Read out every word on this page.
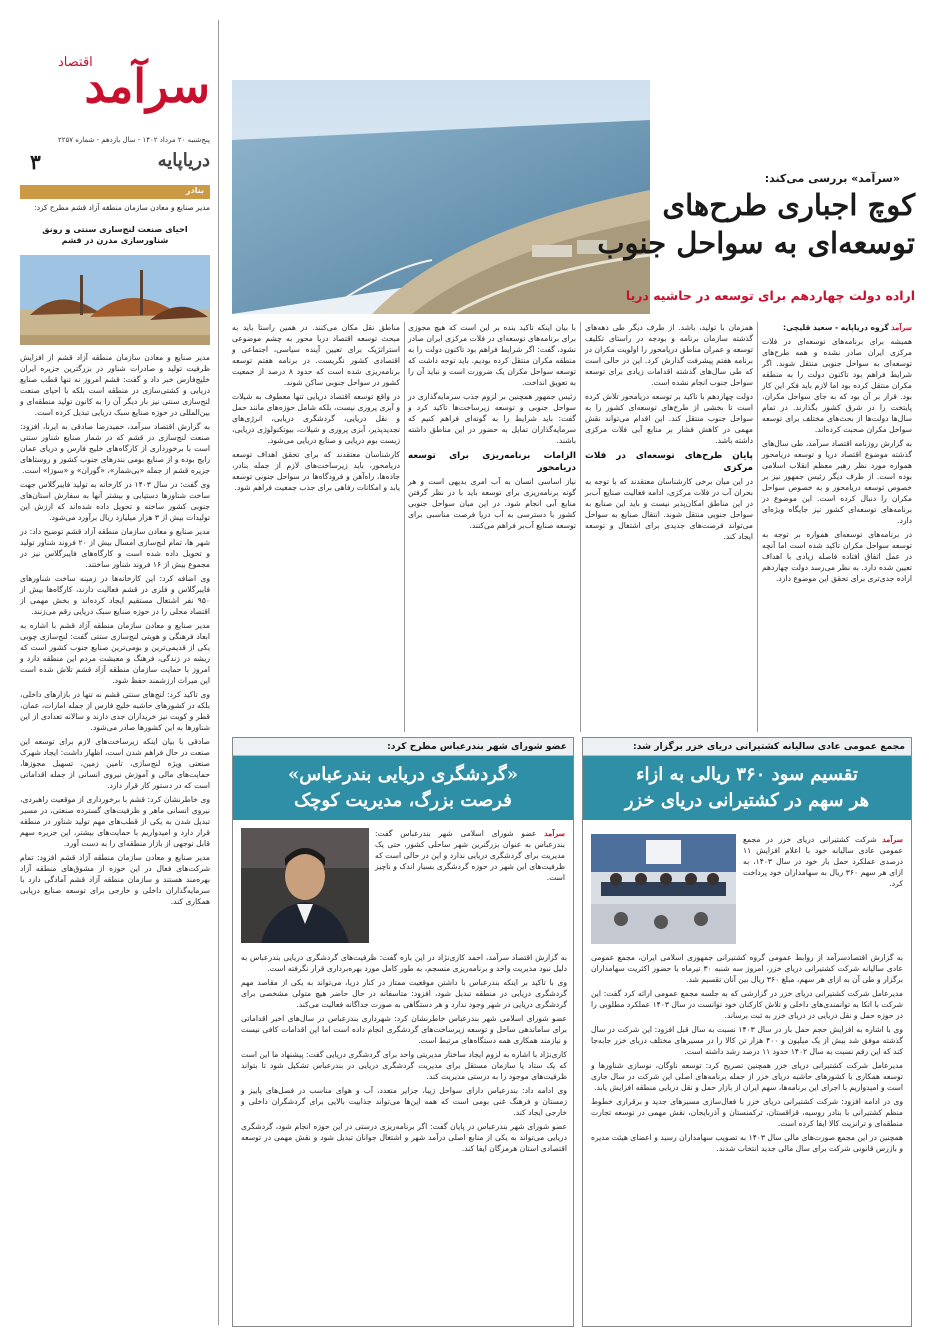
اقتصاد
سرآمد
پنج‌شنبه ۲۰ مرداد ۱۴۰۲ - سال یازدهم - شماره ۲۲۵۷
۳	دریاپایه
بنادر
مدیر صنایع و معادن سازمان منطقه آزاد قشم مطرح کرد:
احیای صنعت لنج‌سازی سنتی و رونق شناورسازی مدرن در قشم

مدیر صنایع و معادن سازمان منطقه آزاد قشم از افزایش ظرفیت تولید و صادرات شناور در بزرگترین جزیره ایران خلیج‌فارس خبر داد و گفت: قشم امروز نه تنها قطب صنایع دریایی و کشتی‌سازی در منطقه است بلکه با احیای صنعت لنج‌سازی سنتی نیز بار دیگر آن را به کانون تولید منطقه‌ای و بین‌المللی در حوزه صنایع سبک دریایی تبدیل کرده است.

به گزارش اقتصاد سرآمد، حمیدرضا صادقی به ایرنا، افزود: صنعت لنج‌سازی در قشم که در شمار صنایع شناور سنتی است با برخورداری از کارگاه‌های خلیج فارس و دریای عمان رایج بوده و از صنایع بومی بندرهای جنوب کشور و روستاهای جزیره قشم از جمله «بی‌شمار»، «گوران» و «سوزا» است.

وی گفت: در سال ۱۴۰۳ در کارخانه به تولید فایبرگلاس جهت ساخت شناورها دستیابی و بیشتر آنها به سفارش استان‌های جنوبی کشور ساخته و تحویل داده شده‌اند که ارزش این تولیدات بیش از ۳ هزار میلیارد ریال برآورد می‌شود.

مدیر صنایع و معادن سازمان منطقه آزاد قشم توضیح داد: در شهر ها، تمام لنج‌سازی امسال بیش از ۲۰ فروند شناور تولید و تحویل داده شده است و کارگاه‌های فایبرگلاس نیز در مجموع بیش از ۱۶ فروند شناور ساختند.

وی اضافه کرد: این کارخانه‌ها در زمینه ساخت شناورهای فایبرگلاس و فلزی در قشم فعالیت دارند، کارگاه‌ها بیش از ۹۵۰ نفر اشتغال مستقیم ایجاد کرده‌اند و بخش مهمی از اقتصاد محلی را در حوزه صنایع سبک دریایی رقم می‌زنند.

مدیر صنایع و معادن سازمان منطقه آزاد قشم با اشاره به ابعاد فرهنگی و هویتی لنج‌سازی سنتی گفت: لنج‌سازی چوبی یکی از قدیمی‌ترین و بومی‌ترین صنایع جنوب کشور است که ریشه در زندگی، فرهنگ و معیشت مردم این منطقه دارد و امروز با حمایت سازمان منطقه آزاد قشم تلاش شده است این میراث ارزشمند حفظ شود.

وی تاکید کرد: لنج‌های سنتی قشم نه تنها در بازارهای داخلی، بلکه در کشورهای حاشیه خلیج فارس از جمله امارات، عمان، قطر و کویت نیز خریداران جدی دارند و سالانه تعدادی از این شناورها به این کشورها صادر می‌شود.

صادقی با بیان اینکه زیرساخت‌های لازم برای توسعه این صنعت در حال فراهم شدن است، اظهار داشت: ایجاد شهرک صنعتی ویژه لنج‌سازی، تامین زمین، تسهیل مجوزها، حمایت‌های مالی و آموزش نیروی انسانی از جمله اقداماتی است که در دستور کار قرار دارد.

وی خاطرنشان کرد: قشم با برخورداری از موقعیت راهبردی، نیروی انسانی ماهر و ظرفیت‌های گسترده صنعتی، در مسیر تبدیل شدن به یکی از قطب‌های مهم تولید شناور در منطقه قرار دارد و امیدواریم با حمایت‌های بیشتر، این جزیره سهم قابل توجهی از بازار منطقه‌ای را به دست آورد.

مدیر صنایع و معادن سازمان منطقه آزاد قشم افزود: تمام شرکت‌های فعال در این حوزه از مشوق‌های منطقه آزاد بهره‌مند هستند و سازمان منطقه آزاد قشم آمادگی دارد با سرمایه‌گذاران داخلی و خارجی برای توسعه صنایع دریایی همکاری کند.

«سرآمد» بررسی می‌کند:
کوچ اجباری طرح‌های
توسعه‌ای به سواحل جنوب
اراده دولت چهاردهم برای توسعه در حاشیه دریا

سرآمد گروه دریاپایه - سعید قلیچی:

همیشه برای برنامه‌های توسعه‌ای در فلات مرکزی ایران صادر نشده و همه طرح‌های توسعه‌ای به سواحل جنوبی منتقل شوند. اگر شرایط فراهم بود تاکنون دولت را به منطقه مکران منتقل کرده بود اما لازم باید فکر این کار بود. قرار بر آن بود که به جای سواحل مکران، پایتخت را در شرق کشور بگذارند. در تمام سال‌ها دولت‌ها از بحث‌های مختلف برای توسعه سواحل مکران صحبت کرده‌اند.

به گزارش روزنامه اقتصاد سرآمد، طی سال‌های گذشته موضوع اقتصاد دریا و توسعه دریامحور همواره مورد نظر رهبر معظم انقلاب اسلامی بوده است. از طرف دیگر رئیس جمهور نیز بر خصوص توسعه دریامحور و به خصوص سواحل مکران را دنبال کرده است. این موضوع در برنامه‌های توسعه‌ای کشور نیز جایگاه ویژه‌ای دارد.

در برنامه‌های توسعه‌ای همواره بر توجه به توسعه سواحل مکران تاکید شده است اما آنچه در عمل اتفاق افتاده فاصله زیادی با اهداف تعیین شده دارد. به نظر می‌رسد دولت چهاردهم اراده جدی‌تری برای تحقق این موضوع دارد.

همزمان با تولید، باشد. از طرف دیگر طی دهه‌های گذشته سازمان برنامه و بودجه در راستای تکلیف توسعه و عمران مناطق دریامحور را اولویت مکران در برنامه هفتم پیشرفت گذارش کرد. این در حالی است که طی سال‌های گذشته اقدامات زیادی برای توسعه سواحل جنوب انجام نشده است.

دولت چهاردهم با تاکید بر توسعه دریامحور تلاش کرده است تا بخشی از طرح‌های توسعه‌ای کشور را به سواحل جنوب منتقل کند. این اقدام می‌تواند نقش مهمی در کاهش فشار بر منابع آبی فلات مرکزی داشته باشد.

پایان طرح‌های توسعه‌ای در فلات مرکزی

در این میان برخی کارشناسان معتقدند که با توجه به بحران آب در فلات مرکزی، ادامه فعالیت صنایع آب‌بر در این مناطق امکان‌پذیر نیست و باید این صنایع به سواحل جنوبی منتقل شوند. انتقال صنایع به سواحل می‌تواند فرصت‌های جدیدی برای اشتغال و توسعه ایجاد کند.

با بیان اینکه تاکید بنده بر این است که هیچ مجوزی برای برنامه‌های توسعه‌ای در فلات مرکزی ایران صادر نشود، گفت: اگر شرایط فراهم بود تاکنون دولت را به منطقه مکران منتقل کرده بودیم. باید توجه داشت که توسعه سواحل مکران یک ضرورت است و نباید آن را به تعویق انداخت.

رئیس جمهور همچنین بر لزوم جذب سرمایه‌گذاری در سواحل جنوبی و توسعه زیرساخت‌ها تاکید کرد و گفت: باید شرایط را به گونه‌ای فراهم کنیم که سرمایه‌گذاران تمایل به حضور در این مناطق داشته باشند.

الزامات برنامه‌ریزی برای توسعه دریامحور

نیاز اساسی انسان به آب امری بدیهی است و هر گونه برنامه‌ریزی برای توسعه باید با در نظر گرفتن منابع آبی انجام شود. در این میان سواحل جنوبی کشور با دسترسی به آب دریا فرصت مناسبی برای توسعه صنایع آب‌بر فراهم می‌کنند.

مناطق نقل مکان می‌کنند. در همین راستا باید به مبحث توسعه اقتصاد دریا محور به چشم موضوعی استراتژیک برای تعیین آینده سیاسی، اجتماعی و اقتصادی کشور نگریست. در برنامه هفتم توسعه برنامه‌ریزی شده است که حدود ۸ درصد از جمعیت کشور در سواحل جنوبی ساکن شوند.

در واقع توسعه اقتصاد دریایی تنها معطوف به شیلات و آبزی پروری نیست، بلکه شامل حوزه‌های مانند حمل و نقل دریایی، گردشگری دریایی، انرژی‌های تجدیدپذیر، آبزی پروری و شیلات، بیوتکنولوژی دریایی، زیست بوم دریایی و صنایع دریایی می‌شود.

کارشناسان معتقدند که برای تحقق اهداف توسعه دریامحور، باید زیرساخت‌های لازم از جمله بنادر، جاده‌ها، راه‌آهن و فرودگاه‌ها در سواحل جنوبی توسعه یابد و امکانات رفاهی برای جذب جمعیت فراهم شود.

مجمع عمومی عادی سالیانه کشتیرانی دریای خزر برگزار شد:
تقسیم سود ۳۶۰ ریالی به ازاء
هر سهم در کشتیرانی دریای خزر

سرآمد شرکت کشتیرانی دریای خزر در مجمع عمومی عادی سالیانه خود با اعلام افزایش ۱۱ درصدی عملکرد حمل بار خود در سال ۱۴۰۳، به ازای هر سهم ۳۶۰ ریال به سهامداران خود پرداخت کرد.

به گزارش اقتصادسرآمد از روابط عمومی گروه کشتیرانی جمهوری اسلامی ایران، مجمع عمومی عادی سالیانه شرکت کشتیرانی دریای خزر، امروز سه شنبه ۳۰ تیرماه با حضور اکثریت سهامداران برگزار و طی آن به ازای هر سهم، مبلغ ۳۶۰ ریال بین آنان تقسیم شد.

مدیرعامل شرکت کشتیرانی دریای خزر در گزارشی که به جلسه مجمع عمومی ارائه کرد گفت: این شرکت با اتکا به توانمندی‌های داخلی و تلاش کارکنان خود توانست در سال ۱۴۰۳ عملکرد مطلوبی را در حوزه حمل و نقل دریایی در دریای خزر به ثبت برساند.

وی با اشاره به افزایش حجم حمل بار در سال ۱۴۰۳ نسبت به سال قبل افزود: این شرکت در سال گذشته موفق شد بیش از یک میلیون و ۴۰۰ هزار تن کالا را در مسیرهای مختلف دریای خزر جابه‌جا کند که این رقم نسبت به سال ۱۴۰۲ حدود ۱۱ درصد رشد داشته است.

مدیرعامل شرکت کشتیرانی دریای خزر همچنین تصریح کرد: توسعه ناوگان، نوسازی شناورها و توسعه همکاری با کشورهای حاشیه دریای خزر از جمله برنامه‌های اصلی این شرکت در سال جاری است و امیدواریم با اجرای این برنامه‌ها، سهم ایران از بازار حمل و نقل دریایی منطقه افزایش یابد.

وی در ادامه افزود: شرکت کشتیرانی دریای خزر با فعال‌سازی مسیرهای جدید و برقراری خطوط منظم کشتیرانی با بنادر روسیه، قزاقستان، ترکمنستان و آذربایجان، نقش مهمی در توسعه تجارت منطقه‌ای و ترانزیت کالا ایفا کرده است.

همچنین در این مجمع صورت‌های مالی سال ۱۴۰۳ به تصویب سهامداران رسید و اعضای هیئت مدیره و بازرس قانونی شرکت برای سال مالی جدید انتخاب شدند.

عضو شورای شهر بندرعباس مطرح کرد:
«گردشگری دریایی بندرعباس»
فرصت بزرگ، مدیریت کوچک

سرآمد عضو شورای اسلامی شهر بندرعباس گفت: بندرعباس به عنوان بزرگترین شهر ساحلی کشور، حتی یک مدیریت برای گردشگری دریایی ندارد و این در حالی است که ظرفیت‌های این شهر در حوزه گردشگری بسیار اندک و ناچیز است.

به گزارش اقتصاد سرآمد، احمد کاری‌نژاد در این باره گفت: ظرفیت‌های گردشگری دریایی بندرعباس به دلیل نبود مدیریت واحد و برنامه‌ریزی منسجم، به طور کامل مورد بهره‌برداری قرار نگرفته است.

وی با تاکید بر اینکه بندرعباس با داشتن موقعیت ممتاز در کنار دریا، می‌تواند به یکی از مقاصد مهم گردشگری دریایی در منطقه تبدیل شود، افزود: متاسفانه در حال حاضر هیچ متولی مشخصی برای گردشگری دریایی در شهر وجود ندارد و هر دستگاهی به صورت جداگانه فعالیت می‌کند.

عضو شورای اسلامی شهر بندرعباس خاطرنشان کرد: شهرداری بندرعباس در سال‌های اخیر اقداماتی برای ساماندهی ساحل و توسعه زیرساخت‌های گردشگری انجام داده است اما این اقدامات کافی نیست و نیازمند همکاری همه دستگاه‌های مرتبط است.

کاری‌نژاد با اشاره به لزوم ایجاد ساختار مدیریتی واحد برای گردشگری دریایی گفت: پیشنهاد ما این است که یک ستاد یا سازمان مستقل برای مدیریت گردشگری دریایی در بندرعباس تشکیل شود تا بتواند ظرفیت‌های موجود را به درستی مدیریت کند.

وی ادامه داد: بندرعباس دارای سواحل زیبا، جزایر متعدد، آب و هوای مناسب در فصل‌های پاییز و زمستان و فرهنگ غنی بومی است که همه این‌ها می‌تواند جذابیت بالایی برای گردشگران داخلی و خارجی ایجاد کند.

عضو شورای شهر بندرعباس در پایان گفت: اگر برنامه‌ریزی درستی در این حوزه انجام شود، گردشگری دریایی می‌تواند به یکی از منابع اصلی درآمد شهر و اشتغال جوانان تبدیل شود و نقش مهمی در توسعه اقتصادی استان هرمزگان ایفا کند.
